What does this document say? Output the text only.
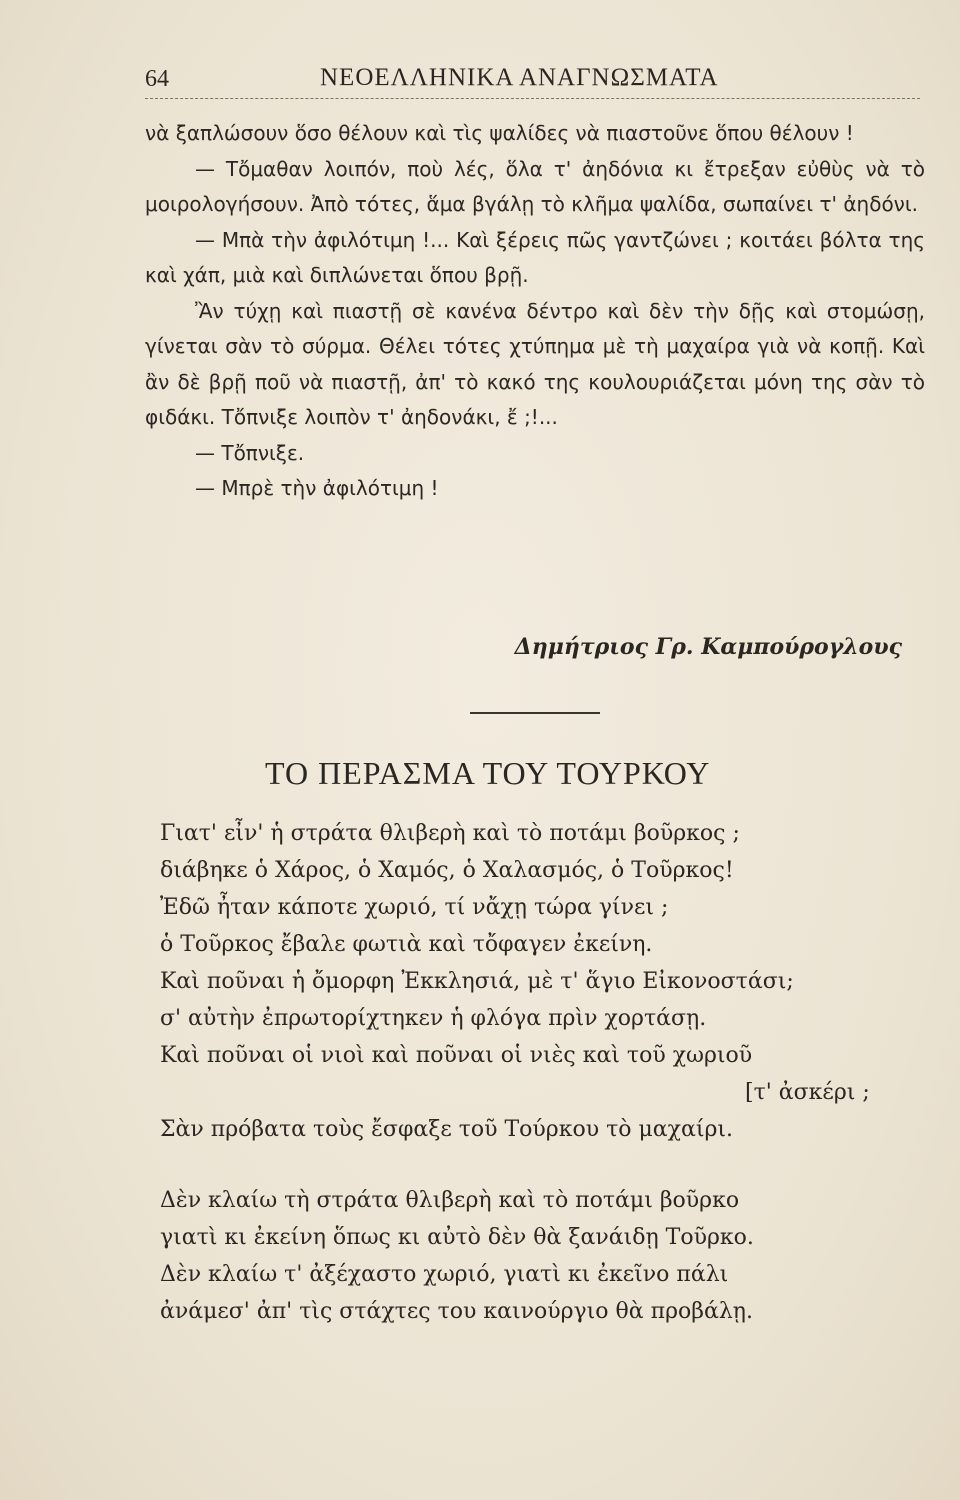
64	ΝΕΟΕΛΛΗΝΙΚΑ ΑΝΑΓΝΩΣΜΑΤΑ

νὰ ξαπλώσουν ὅσο θέλουν καὶ τὶς ψαλίδες νὰ πιαστοῦνε ὅπου θέλουν !

— Τὄμαθαν λοιπόν, ποὺ λές, ὅλα τ' ἀηδόνια κι ἔτρεξαν εὐθὺς νὰ τὸ μοιρολογήσουν. Ἀπὸ τότες, ἅμα βγάλῃ τὸ κλῆμα ψαλίδα, σωπαίνει τ' ἀηδόνι.

— Μπὰ τὴν ἀφιλότιμη !... Καὶ ξέρεις πῶς γαντζώνει ; κοιτάει βόλτα της καὶ χάπ, μιὰ καὶ διπλώνεται ὅπου βρῇ.

Ἂν τύχῃ καὶ πιαστῇ σὲ κανένα δέντρο καὶ δὲν τὴν δῇς καὶ στομώσῃ, γίνεται σὰν τὸ σύρμα. Θέλει τότες χτύπημα μὲ τὴ μαχαίρα γιὰ νὰ κοπῇ. Καὶ ἂν δὲ βρῇ ποῦ νὰ πιαστῇ, ἀπ' τὸ κακό της κουλουριάζεται μόνη της σὰν τὸ φιδάκι. Τὄπνιξε λοιπὸν τ' ἀηδονάκι, ἔ ;!...

— Τὄπνιξε.

— Μπρὲ τὴν ἀφιλότιμη !

Δημήτριος Γρ. Καμπούρογλους
ΤΟ ΠΕΡΑΣΜΑ ΤΟΥ ΤΟΥΡΚΟΥ
Γιατ' εἶν' ἡ στράτα θλιβερὴ καὶ τὸ ποτάμι βοῦρκος ;
διάβηκε ὁ Χάρος, ὁ Χαμός, ὁ Χαλασμός, ὁ Τοῦρκος!
Ἐδῶ ἦταν κάποτε χωριό, τί νἄχῃ τώρα γίνει ;
ὁ Τοῦρκος ἔβαλε φωτιὰ καὶ τὄφαγεν ἐκείνη.
Καὶ ποῦναι ἡ ὄμορφη Ἐκκλησιά, μὲ τ' ἅγιο Εἰκονοστάσι;
σ' αὐτὴν ἐπρωτορίχτηκεν ἡ φλόγα πρὶν χορτάσῃ.
Καὶ ποῦναι οἱ νιοὶ καὶ ποῦναι οἱ νιὲς καὶ τοῦ χωριοῦ
[τ' ἀσκέρι ;
Σὰν πρόβατα τοὺς ἔσφαξε τοῦ Τούρκου τὸ μαχαίρι.
Δὲν κλαίω τὴ στράτα θλιβερὴ καὶ τὸ ποτάμι βοῦρκο
γιατὶ κι ἐκείνη ὅπως κι αὐτὸ δὲν θὰ ξανάιδῃ Τοῦρκο.
Δὲν κλαίω τ' ἀξέχαστο χωριό, γιατὶ κι ἐκεῖνο πάλι
ἀνάμεσ' ἀπ' τὶς στάχτες του καινούργιο θὰ προβάλῃ.
